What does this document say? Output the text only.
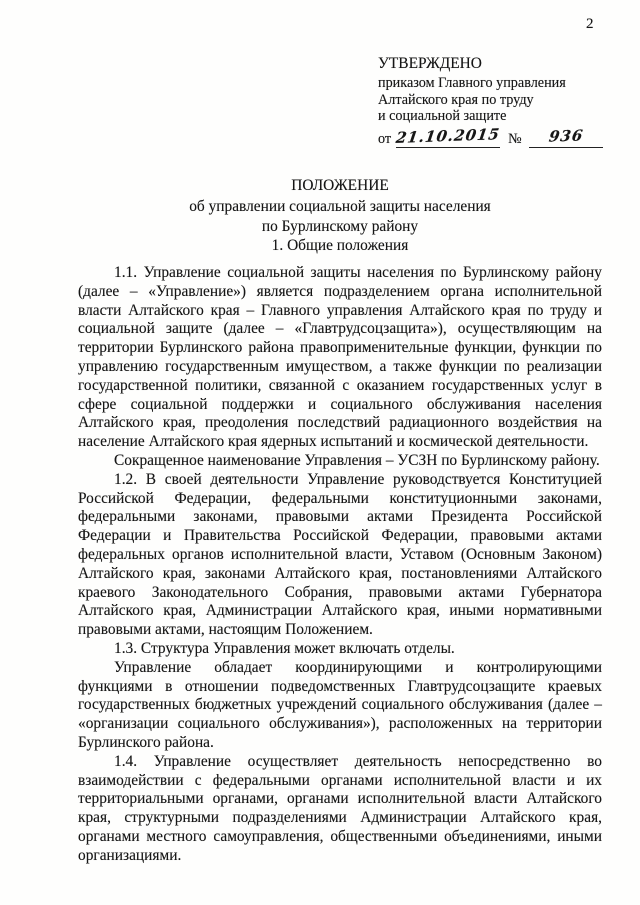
2
УТВЕРЖДЕНО
приказом Главного управления
Алтайского края по труду
и социальной защите
от 21.10.2015 №	936
ПОЛОЖЕНИЕ
об управлении социальной защиты населения
по Бурлинскому району
1. Общие положения

1.1. Управление социальной защиты населения по Бурлинскому району (далее – «Управление») является подразделением органа исполнительной власти Алтайского края – Главного управления Алтайского края по труду и социальной защите (далее – «Главтрудсоцзащита»), осуществляющим на территории Бурлинского района правоприменительные функции, функции по управлению государственным имуществом, а также функции по реализации государственной политики, связанной с оказанием государственных услуг в сфере социальной поддержки и социального обслуживания населения Алтайского края, преодоления последствий радиационного воздействия на население Алтайского края ядерных испытаний и космической деятельности.

Сокращенное наименование Управления – УСЗН по Бурлинскому району.

1.2. В своей деятельности Управление руководствуется Конституцией Российской Федерации, федеральными конституционными законами, федеральными законами, правовыми актами Президента Российской Федерации и Правительства Российской Федерации, правовыми актами федеральных органов исполнительной власти, Уставом (Основным Законом) Алтайского края, законами Алтайского края, постановлениями Алтайского краевого Законодательного Собрания, правовыми актами Губернатора Алтайского края, Администрации Алтайского края, иными нормативными правовыми актами, настоящим Положением.

1.3. Структура Управления может включать отделы.

Управление обладает координирующими и контролирующими функциями в отношении подведомственных Главтрудсоцзащите краевых государственных бюджетных учреждений социального обслуживания (далее – «организации социального обслуживания»), расположенных на территории Бурлинского района.

1.4. Управление осуществляет деятельность непосредственно во взаимодействии с федеральными органами исполнительной власти и их территориальными органами, органами исполнительной власти Алтайского края, структурными подразделениями Администрации Алтайского края, органами местного самоуправления, общественными объединениями, иными организациями.
